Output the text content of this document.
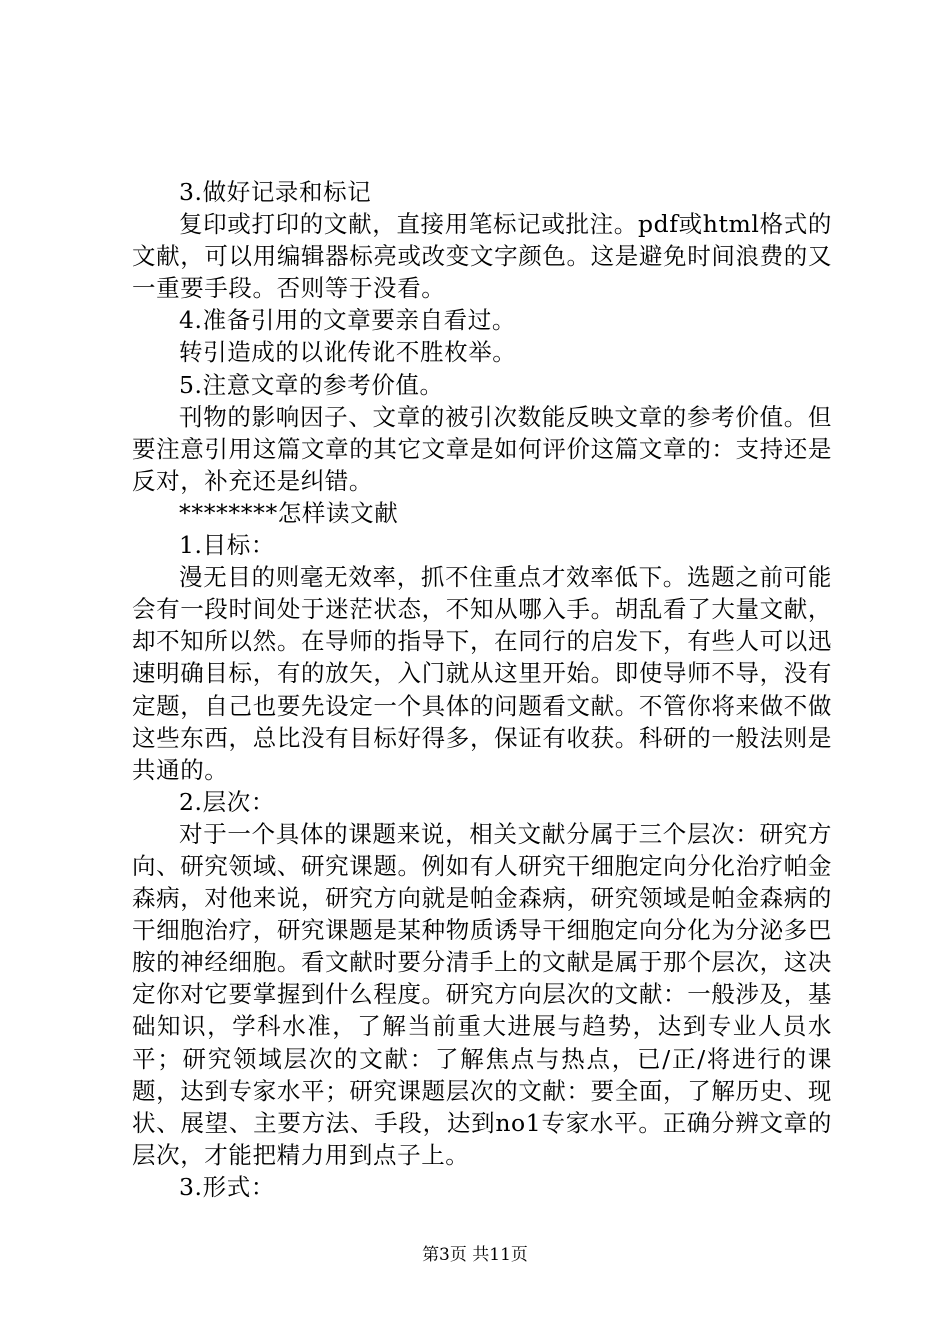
3.做好记录和标记

复印或打印的文献，直接用笔标记或批注。pdf或html格式的文献，可以用编辑器标亮或改变文字颜色。这是避免时间浪费的又一重要手段。否则等于没看。

4.准备引用的文章要亲自看过。

转引造成的以讹传讹不胜枚举。

5.注意文章的参考价值。

刊物的影响因子、文章的被引次数能反映文章的参考价值。但要注意引用这篇文章的其它文章是如何评价这篇文章的：支持还是反对，补充还是纠错。

********怎样读文献

1.目标：

漫无目的则毫无效率，抓不住重点才效率低下。选题之前可能会有一段时间处于迷茫状态，不知从哪入手。胡乱看了大量文献，却不知所以然。在导师的指导下，在同行的启发下，有些人可以迅速明确目标，有的放矢，入门就从这里开始。即使导师不导，没有定题，自己也要先设定一个具体的问题看文献。不管你将来做不做这些东西，总比没有目标好得多，保证有收获。科研的一般法则是共通的。

2.层次：

对于一个具体的课题来说，相关文献分属于三个层次：研究方向、研究领域、研究课题。例如有人研究干细胞定向分化治疗帕金森病，对他来说，研究方向就是帕金森病，研究领域是帕金森病的干细胞治疗，研究课题是某种物质诱导干细胞定向分化为分泌多巴胺的神经细胞。看文献时要分清手上的文献是属于那个层次，这决定你对它要掌握到什么程度。研究方向层次的文献：一般涉及，基础知识，学科水准，了解当前重大进展与趋势，达到专业人员水平；研究领域层次的文献：了解焦点与热点，已/正/将进行的课题，达到专家水平；研究课题层次的文献：要全面，了解历史、现状、展望、主要方法、手段，达到no1专家水平。正确分辨文章的层次，才能把精力用到点子上。

3.形式：

第3页 共11页
